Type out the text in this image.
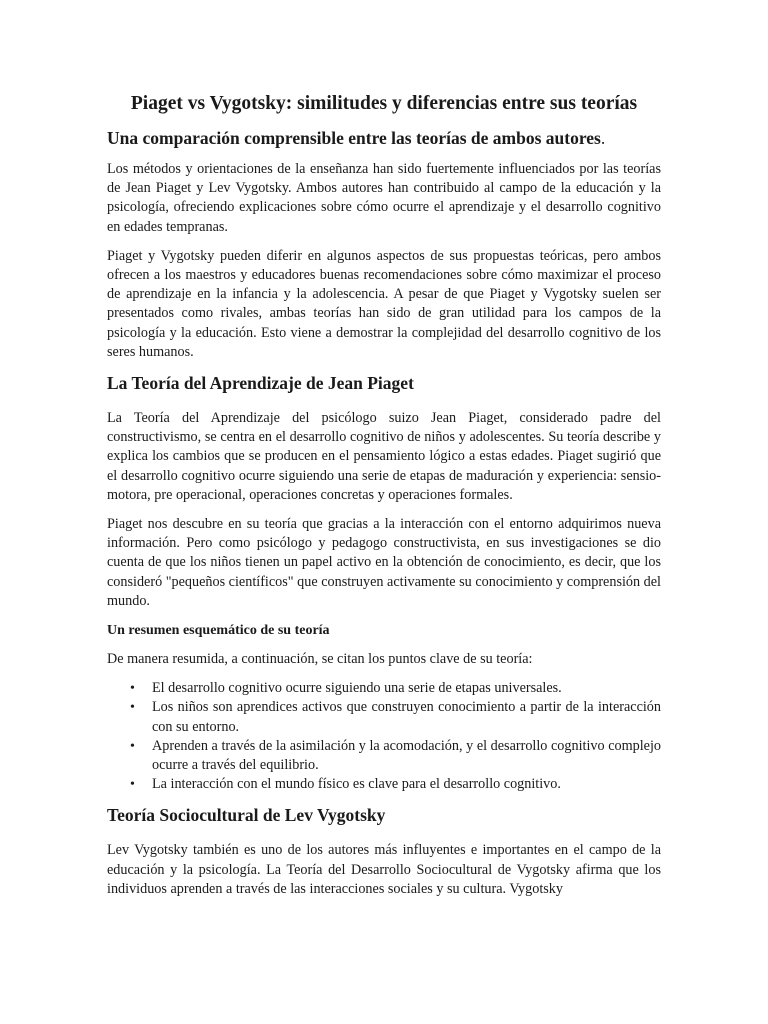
Piaget vs Vygotsky: similitudes y diferencias entre sus teorías
Una comparación comprensible entre las teorías de ambos autores.

Los métodos y orientaciones de la enseñanza han sido fuertemente influenciados por las teorías de Jean Piaget y Lev Vygotsky. Ambos autores han contribuido al campo de la educación y la psicología, ofreciendo explicaciones sobre cómo ocurre el aprendizaje y el desarrollo cognitivo en edades tempranas.

Piaget y Vygotsky pueden diferir en algunos aspectos de sus propuestas teóricas, pero ambos ofrecen a los maestros y educadores buenas recomendaciones sobre cómo maximizar el proceso de aprendizaje en la infancia y la adolescencia. A pesar de que Piaget y Vygotsky suelen ser presentados como rivales, ambas teorías han sido de gran utilidad para los campos de la psicología y la educación. Esto viene a demostrar la complejidad del desarrollo cognitivo de los seres humanos.

La Teoría del Aprendizaje de Jean Piaget

La Teoría del Aprendizaje del psicólogo suizo Jean Piaget, considerado padre del constructivismo, se centra en el desarrollo cognitivo de niños y adolescentes. Su teoría describe y explica los cambios que se producen en el pensamiento lógico a estas edades. Piaget sugirió que el desarrollo cognitivo ocurre siguiendo una serie de etapas de maduración y experiencia: sensio-motora, pre operacional, operaciones concretas y operaciones formales.

Piaget nos descubre en su teoría que gracias a la interacción con el entorno adquirimos nueva información. Pero como psicólogo y pedagogo constructivista, en sus investigaciones se dio cuenta de que los niños tienen un papel activo en la obtención de conocimiento, es decir, que los consideró "pequeños científicos" que construyen activamente su conocimiento y comprensión del mundo.

Un resumen esquemático de su teoría

De manera resumida, a continuación, se citan los puntos clave de su teoría:

• El desarrollo cognitivo ocurre siguiendo una serie de etapas universales.
• Los niños son aprendices activos que construyen conocimiento a partir de la interacción con su entorno.
• Aprenden a través de la asimilación y la acomodación, y el desarrollo cognitivo complejo ocurre a través del equilibrio.
• La interacción con el mundo físico es clave para el desarrollo cognitivo.
Teoría Sociocultural de Lev Vygotsky

Lev Vygotsky también es uno de los autores más influyentes e importantes en el campo de la educación y la psicología. La Teoría del Desarrollo Sociocultural de Vygotsky afirma que los individuos aprenden a través de las interacciones sociales y su cultura. Vygotsky
